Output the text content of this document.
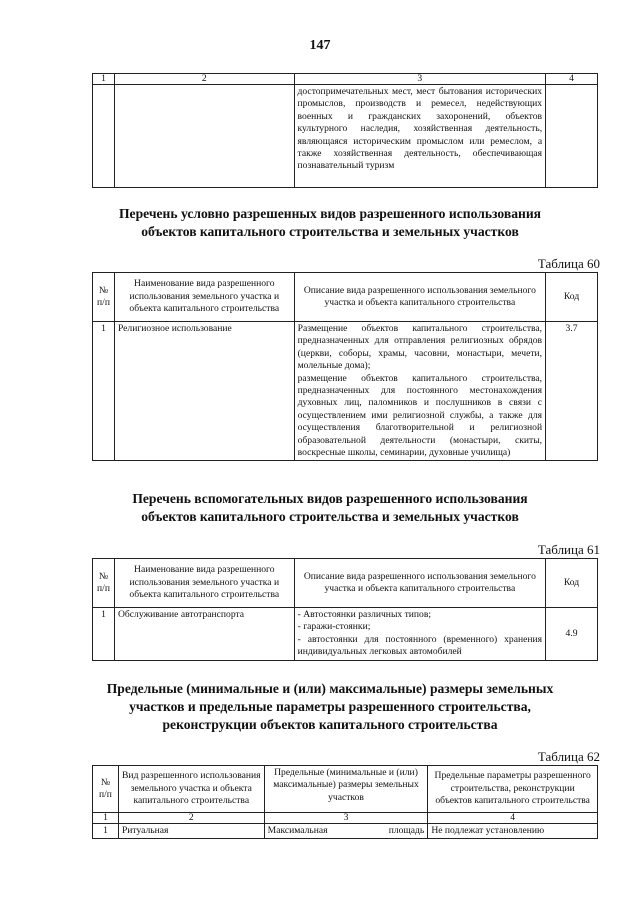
147
1	2	3	4
		достопримечательных мест, мест бытования исторических промыслов, производств и ремесел, недействующих военных и гражданских захоронений, объектов культурного наследия, хозяйственная деятельность, являющаяся историческим промыслом или ремеслом, а также хозяйственная деятельность, обеспечивающая познавательный туризм	
Перечень условно разрешенных видов разрешенного использования
объектов капитального строительства и земельных участков
Таблица 60
№ п/п	Наименование вида разрешенного использования земельного участка и объекта капитального строительства	Описание вида разрешенного использования земельного участка и объекта капитального строительства	Код
1	Религиозное использование	Размещение объектов капитального строительства, предназначенных для отправления религиозных обрядов (церкви, соборы, храмы, часовни, монастыри, мечети, молельные дома);
размещение объектов капитального строительства, предназначенных для постоянного местонахождения духовных лиц, паломников и послушников в связи с осуществлением ими религиозной службы, а также для осуществления благотворительной и религиозной образовательной деятельности (монастыри, скиты, воскресные школы, семинарии, духовные училища)	3.7
Перечень вспомогательных видов разрешенного использования
объектов капитального строительства и земельных участков
Таблица 61
№ п/п	Наименование вида разрешенного использования земельного участка и объекта капитального строительства	Описание вида разрешенного использования земельного участка и объекта капитального строительства	Код
1	Обслуживание автотранспорта	- Автостоянки различных типов;
- гаражи-стоянки;
- автостоянки для постоянного (временного) хранения индивидуальных легковых автомобилей	4.9
Предельные (минимальные и (или) максимальные) размеры земельных
участков и предельные параметры разрешенного строительства,
реконструкции объектов капитального строительства
Таблица 62
№ п/п	Вид разрешенного использования земельного участка и объекта капитального строительства	Предельные (минимальные и (или) максимальные) размеры земельных участков	Предельные параметры разрешенного строительства, реконструкции объектов капитального строительства
1	2	3	4
1	Ритуальная	Максимальная площадь	Не подлежат установлению
